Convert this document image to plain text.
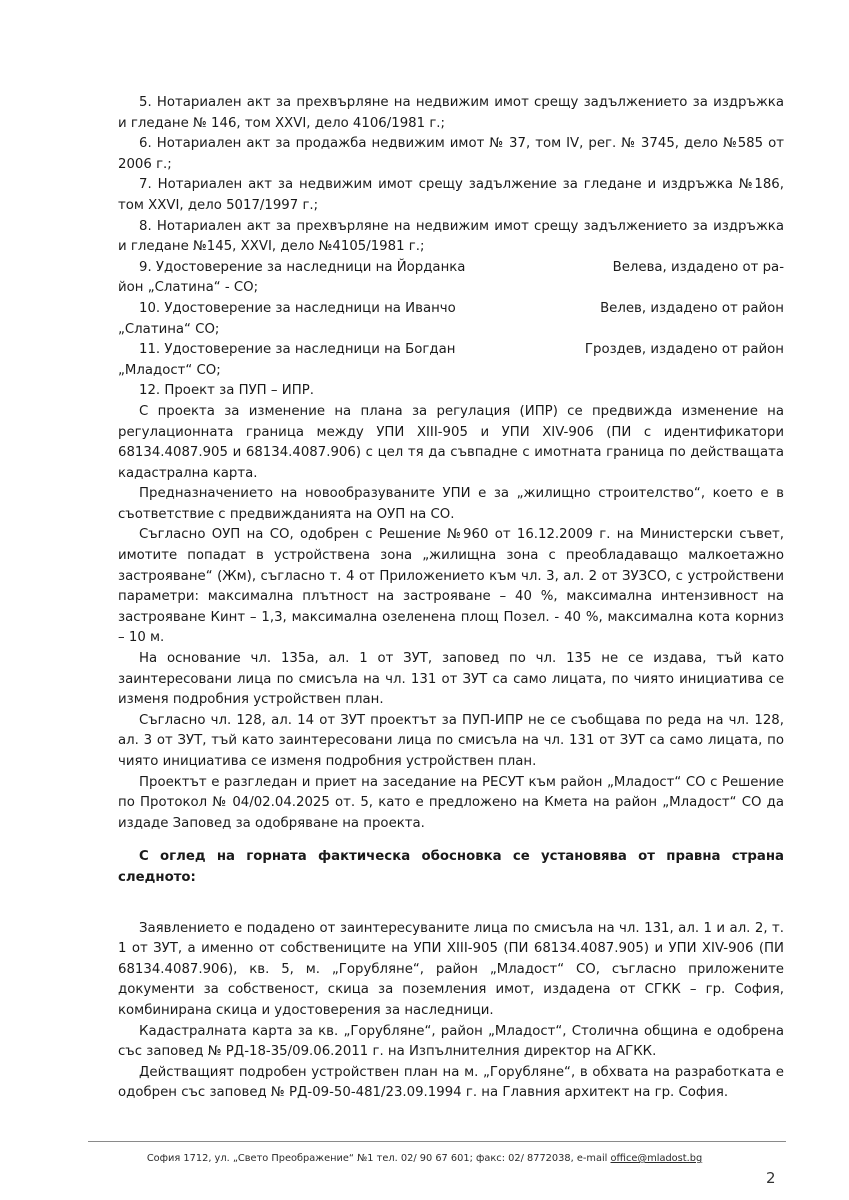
5. Нотариален акт за прехвърляне на недвижим имот срещу задължението за издръжка и гледане № 146, том XXVI, дело 4106/1981 г.;

6. Нотариален акт за продажба недвижим имот № 37, том IV, рег. № 3745, дело №585 от 2006 г.;

7. Нотариален акт за недвижим имот срещу задължение за гледане и издръжка №186, том XXVI, дело 5017/1997 г.;

8. Нотариален акт за прехвърляне на недвижим имот срещу задължението за издръжка и гледане №145, XXVI, дело №4105/1981 г.;

9. Удостоверение за наследници на Йорданка	Велева, издадено от ра-
йон „Слатина“ - СО;
10. Удостоверение за наследници на Иванчо	Велев, издадено от район
„Слатина“ СО;
11. Удостоверение за наследници на Богдан	Гроздев, издадено от район
„Младост“ СО;

12. Проект за ПУП – ИПР.

С проекта за изменение на плана за регулация (ИПР) се предвижда изменение на регулационната граница между УПИ XIII-905 и УПИ XIV-906 (ПИ с идентификатори 68134.4087.905 и 68134.4087.906) с цел тя да съвпадне с имотната граница по действащата кадастрална карта.

Предназначението на новообразуваните УПИ е за „жилищно строителство“, което е в съответствие с предвижданията на ОУП на СО.

Съгласно ОУП на СО, одобрен с Решение №960 от 16.12.2009 г. на Министерски съвет, имотите попадат в устройствена зона „жилищна зона с преобладаващо малкоетажно застрояване“ (Жм), съгласно т. 4 от Приложението към чл. 3, ал. 2 от ЗУЗСО, с устройствени параметри: максимална плътност на застрояване – 40 %, максимална интензивност на застрояване Кинт – 1,3, максимална озеленена площ Позел. - 40 %, максимална кота корниз – 10 м.

На основание чл. 135а, ал. 1 от ЗУТ, заповед по чл. 135 не се издава, тъй като заинтересовани лица по смисъла на чл. 131 от ЗУТ са само лицата, по чиято инициатива се изменя подробния устройствен план.

Съгласно чл. 128, ал. 14 от ЗУТ проектът за ПУП-ИПР не се съобщава по реда на чл. 128, ал. 3 от ЗУТ, тъй като заинтересовани лица по смисъла на чл. 131 от ЗУТ са само лицата, по чиято инициатива се изменя подробния устройствен план.

Проектът е разгледан и приет на заседание на РЕСУТ към район „Младост“ СО с Решение по Протокол № 04/02.04.2025 от. 5, като е предложено на Кмета на район „Младост“ СО да издаде Заповед за одобряване на проекта.

С оглед на горната фактическа обосновка се установява от правна страна следното:

Заявлението е подадено от заинтересуваните лица по смисъла на чл. 131, ал. 1 и ал. 2, т. 1 от ЗУТ, а именно от собствениците на УПИ XIII-905 (ПИ 68134.4087.905) и УПИ XIV-906 (ПИ 68134.4087.906), кв. 5, м. „Горубляне“, район „Младост“ СО, съгласно приложените документи за собственост, скица за поземления имот, издадена от СГКК – гр. София, комбинирана скица и удостоверения за наследници.

Кадастралната карта за кв. „Горубляне“, район „Младост“, Столична община е одобрена със заповед № РД-18-35/09.06.2011 г. на Изпълнителния директор на АГКК.

Действащият подробен устройствен план на м. „Горубляне“, в обхвата на разработката е одобрен със заповед № РД-09-50-481/23.09.1994 г. на Главния архитект на гр. София.

София 1712, ул. „Свето Преображение“ №1 тел. 02/ 90 67 601; факс: 02/ 8772038, e-mail office@mladost.bg
2
